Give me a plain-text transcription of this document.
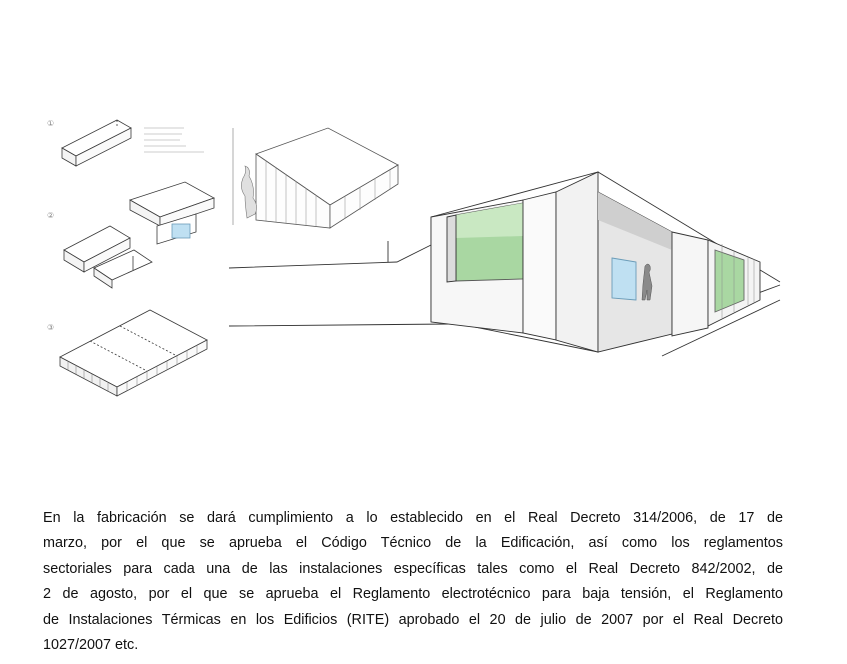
①
②
③
En la fabricación se dará cumplimiento a lo establecido en el Real Decreto 314/2006, de 17 de
marzo, por el que se aprueba el Código Técnico de la Edificación, así como los reglamentos
sectoriales para cada una de las instalaciones específicas tales como el Real Decreto 842/2002, de
2 de agosto, por el que se aprueba el Reglamento electrotécnico para baja tensión, el Reglamento
de Instalaciones Térmicas en los Edificios (RITE) aprobado el 20 de julio de 2007 por el Real Decreto
1027/2007 etc.
